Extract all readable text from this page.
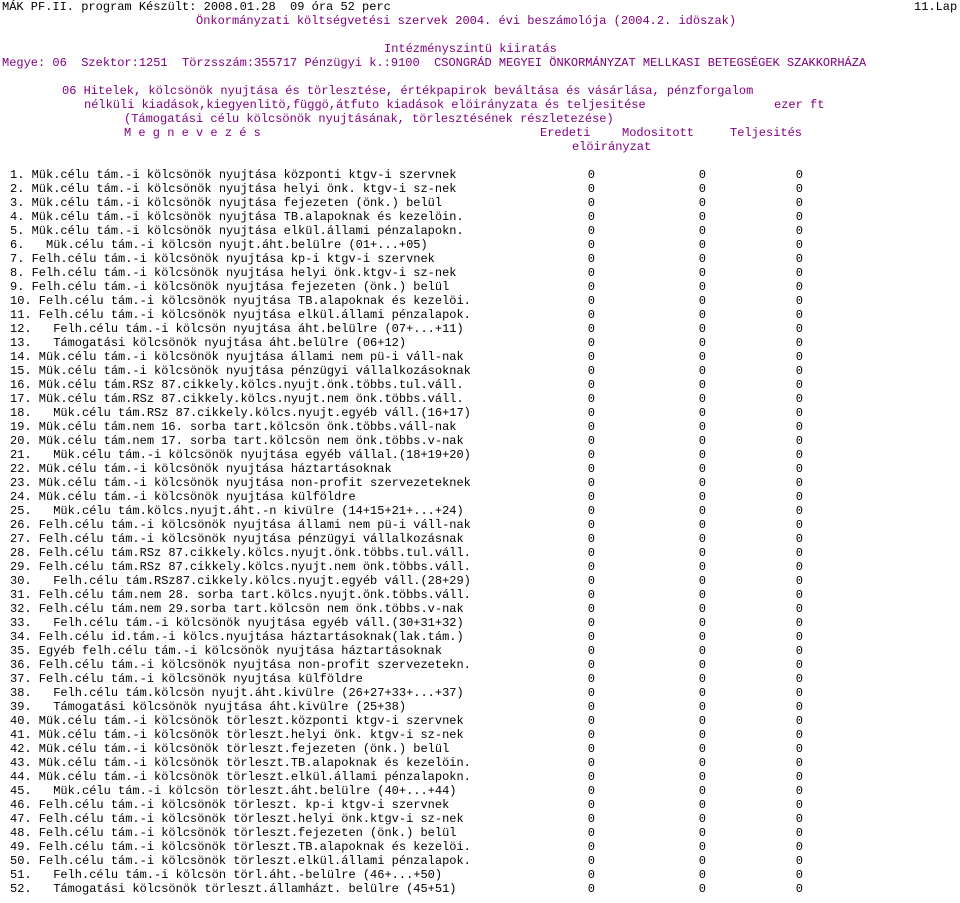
MÁK PF.II. program Készült: 2008.01.28  09 óra 52 perc	11.Lap
Önkormányzati költségvetési szervek 2004. évi beszámolója (2004.2. idöszak)
Intézményszintü kiiratás
Megye: 06  Szektor:1251  Törzsszám:355717 Pénzügyi k.:9100  CSONGRÁD MEGYEI ÖNKORMÁNYZAT MELLKASI BETEGSÉGEK SZAKKORHÁZA
06 Hitelek, kölcsönök nyujtása és törlesztése, értékpapirok beváltása és vásárlása, pénzforgalom
nélküli kiadások,kiegyenlitö,függö,átfuto kiadások elöirányzata és teljesitése	ezer ft
(Támogatási célu kölcsönök nyujtásának, törlesztésének részletezése)
M e g n e v e z é s	Eredeti	Modositott	Teljesités
elöirányzat
1. Mük.célu tám.-i kölcsönök nyujtása központi ktgv-i szervnek	0	0	0
2. Mük.célu tám.-i kölcsönök nyujtása helyi önk. ktgv-i sz-nek	0	0	0
3. Mük.célu tám.-i kölcsönök nyujtása fejezeten (önk.) belül	0	0	0
4. Mük.célu tám.-i kölcsönök nyujtása TB.alapoknak és kezelöin.	0	0	0
5. Mük.célu tám.-i kölcsönök nyujtása elkül.állami pénzalapokn.	0	0	0
6.   Mük.célu tám.-i kölcsön nyujt.áht.belülre (01+...+05)	0	0	0
7. Felh.célu tám.-i kölcsönök nyujtása kp-i ktgv-i szervnek	0	0	0
8. Felh.célu tám.-i kölcsönök nyujtása helyi önk.ktgv-i sz-nek	0	0	0
9. Felh.célu tám.-i kölcsönök nyujtása fejezeten (önk.) belül	0	0	0
10. Felh.célu tám.-i kölcsönök nyujtása TB.alapoknak és kezelöi.	0	0	0
11. Felh.célu tám.-i kölcsönök nyujtása elkül.állami pénzalapok.	0	0	0
12.   Felh.célu tám.-i kölcsön nyujtása áht.belülre (07+...+11)	0	0	0
13.   Támogatási kölcsönök nyujtása áht.belülre (06+12)	0	0	0
14. Mük.célu tám.-i kölcsönök nyujtása állami nem pü-i váll-nak	0	0	0
15. Mük.célu tám.-i kölcsönök nyujtása pénzügyi vállalkozásoknak	0	0	0
16. Mük.célu tám.RSz 87.cikkely.kölcs.nyujt.önk.többs.tul.váll.	0	0	0
17. Mük.célu tám.RSz 87.cikkely.kölcs.nyujt.nem önk.többs.váll.	0	0	0
18.   Mük.célu tám.RSz 87.cikkely.kölcs.nyujt.egyéb váll.(16+17)	0	0	0
19. Mük.célu tám.nem 16. sorba tart.kölcsön önk.többs.váll-nak	0	0	0
20. Mük.célu tám.nem 17. sorba tart.kölcsön nem önk.többs.v-nak	0	0	0
21.   Mük.célu tám.-i kölcsönök nyujtása egyéb vállal.(18+19+20)	0	0	0
22. Mük.célu tám.-i kölcsönök nyujtása háztartásoknak	0	0	0
23. Mük.célu tám.-i kölcsönök nyujtása non-profit szervezeteknek	0	0	0
24. Mük.célu tám.-i kölcsönök nyujtása külföldre	0	0	0
25.   Mük.célu tám.kölcs.nyujt.áht.-n kivülre (14+15+21+...+24)	0	0	0
26. Felh.célu tám.-i kölcsönök nyujtása állami nem pü-i váll-nak	0	0	0
27. Felh.célu tám.-i kölcsönök nyujtása pénzügyi vállalkozásnak	0	0	0
28. Felh.célu tám.RSz 87.cikkely.kölcs.nyujt.önk.többs.tul.váll.	0	0	0
29. Felh.célu tám.RSz 87.cikkely.kölcs.nyujt.nem önk.többs.váll.	0	0	0
30.   Felh.célu tám.RSz87.cikkely.kölcs.nyujt.egyéb váll.(28+29)	0	0	0
31. Felh.célu tám.nem 28. sorba tart.kölcs.nyujt.önk.többs.váll.	0	0	0
32. Felh.célu tám.nem 29.sorba tart.kölcsön nem önk.többs.v-nak	0	0	0
33.   Felh.célu tám.-i kölcsönök nyujtása egyéb váll.(30+31+32)	0	0	0
34. Felh.célu id.tám.-i kölcs.nyujtása háztartásoknak(lak.tám.)	0	0	0
35. Egyéb felh.célu tám.-i kölcsönök nyujtása háztartásoknak	0	0	0
36. Felh.célu tám.-i kölcsönök nyujtása non-profit szervezetekn.	0	0	0
37. Felh.célu tám.-i kölcsönök nyujtása külföldre	0	0	0
38.   Felh.célu tám.kölcsön nyujt.áht.kivülre (26+27+33+...+37)	0	0	0
39.   Támogatási kölcsönök nyujtása áht.kivülre (25+38)	0	0	0
40. Mük.célu tám.-i kölcsönök törleszt.központi ktgv-i szervnek	0	0	0
41. Mük.célu tám.-i kölcsönök törleszt.helyi önk. ktgv-i sz-nek	0	0	0
42. Mük.célu tám.-i kölcsönök törleszt.fejezeten (önk.) belül	0	0	0
43. Mük.célu tám.-i kölcsönök törleszt.TB.alapoknak és kezelöin.	0	0	0
44. Mük.célu tám.-i kölcsönök törleszt.elkül.állami pénzalapokn.	0	0	0
45.   Mük.célu tám.-i kölcsön törleszt.áht.belülre (40+...+44)	0	0	0
46. Felh.célu tám.-i kölcsönök törleszt. kp-i ktgv-i szervnek	0	0	0
47. Felh.célu tám.-i kölcsönök törleszt.helyi önk.ktgv-i sz-nek	0	0	0
48. Felh.célu tám.-i kölcsönök törleszt.fejezeten (önk.) belül	0	0	0
49. Felh.célu tám.-i kölcsönök törleszt.TB.alapoknak és kezelöi.	0	0	0
50. Felh.célu tám.-i kölcsönök törleszt.elkül.állami pénzalapok.	0	0	0
51.   Felh.célu tám.-i kölcsön törl.áht.-belülre (46+...+50)	0	0	0
52.   Támogatási kölcsönök törleszt.államházt. belülre (45+51)	0	0	0
